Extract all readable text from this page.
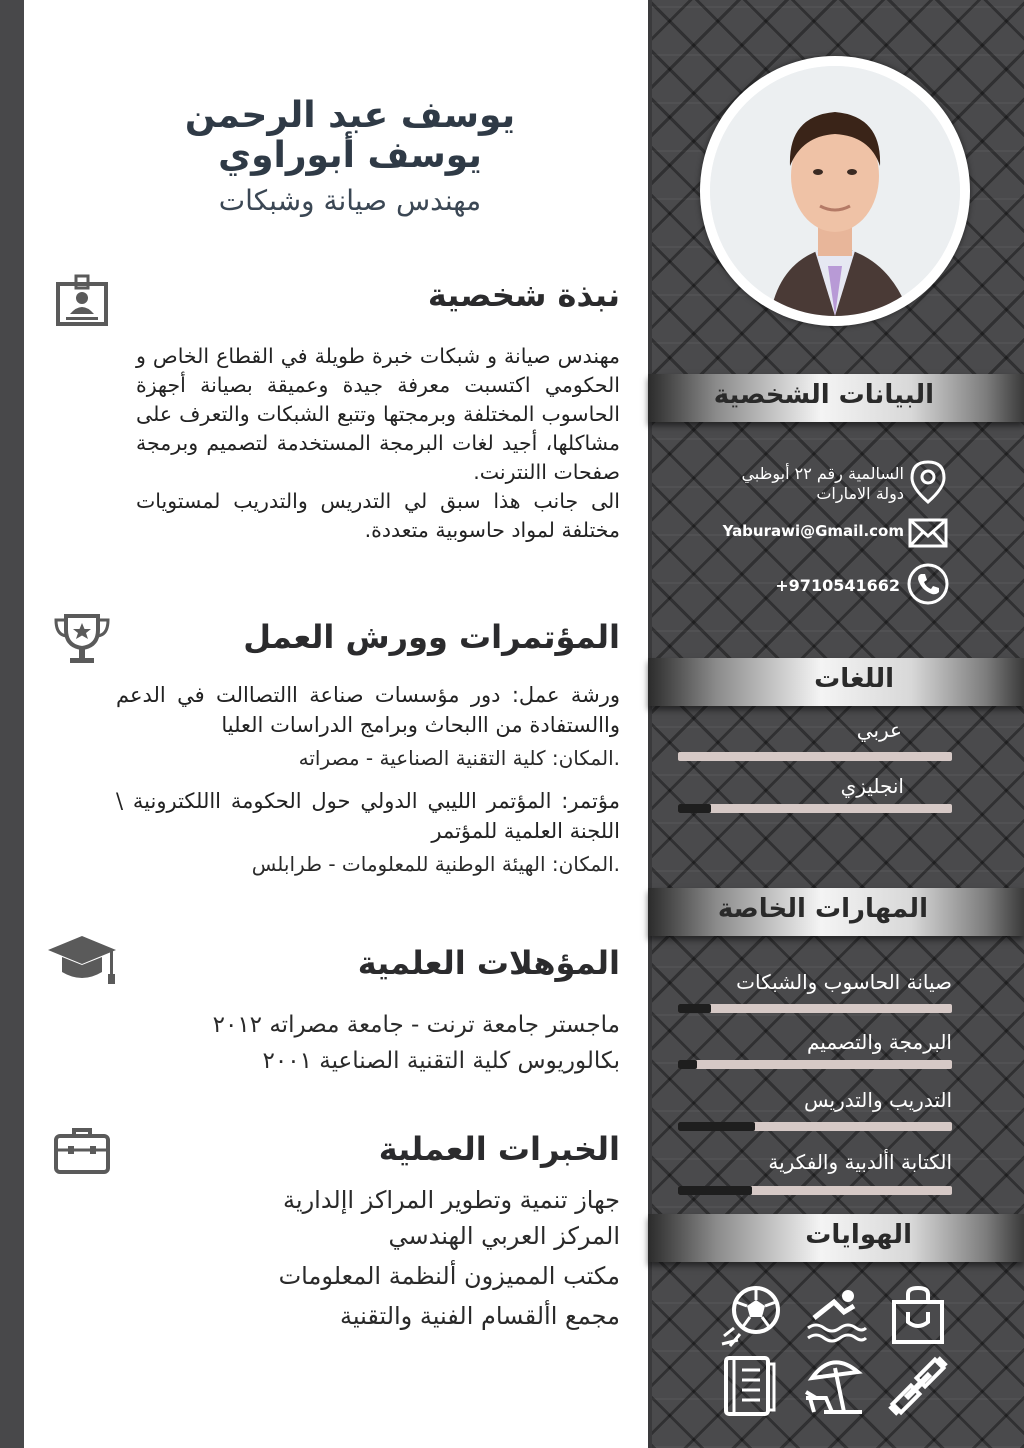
يوسف عبد الرحمن يوسف أبوراوي
مهندس صيانة وشبكات
نبذة شخصية

مهندس صيانة و شبكات خبرة طويلة في القطاع الخاص و الحكومي اكتسبت معرفة جيدة وعميقة بصيانة أجهزة الحاسوب المختلفة وبرمجتها وتتبع الشبكات والتعرف على مشاكلها، أجيد لغات البرمجة المستخدمة لتصميم وبرمجة صفحات االنترنت.

الى جانب هذا سبق لي التدريس والتدريب لمستويات مختلفة لمواد حاسوبية متعددة.

المؤتمرات وورش العمل
ورشة عمل: دور مؤسسات صناعة االتصاالت في الدعم واالستفادة من االبحاث وبرامج الدراسات العليا
.المكان: كلية التقنية الصناعية - مصراته
مؤتمر: المؤتمر الليبي الدولي حول الحكومة االلكترونية \ اللجنة العلمية للمؤتمر
.المكان: الهيئة الوطنية للمعلومات - طرابلس
المؤهلات العلمية
ماجستر جامعة ترنت - جامعة مصراته ٢٠١٢
بكالوريوس كلية التقنية الصناعية ٢٠٠١
الخبرات العملية
جهاز تنمية وتطوير المراكز اإلدارية
المركز العربي الهندسي
مكتب المميزون ألنظمة المعلومات
مجمع األقسام الفنية والتقنية
البيانات الشخصية
السالمية رقم ٢٢ أبوظبي
دولة الامارات
Yaburawi@Gmail.com
+9710541662
اللغات
عربي
انجليزي
المهارات الخاصة
صيانة الحاسوب والشبكات
البرمجة والتصميم
التدريب والتدريس
الكتابة األدبية والفكرية
الهوايات
